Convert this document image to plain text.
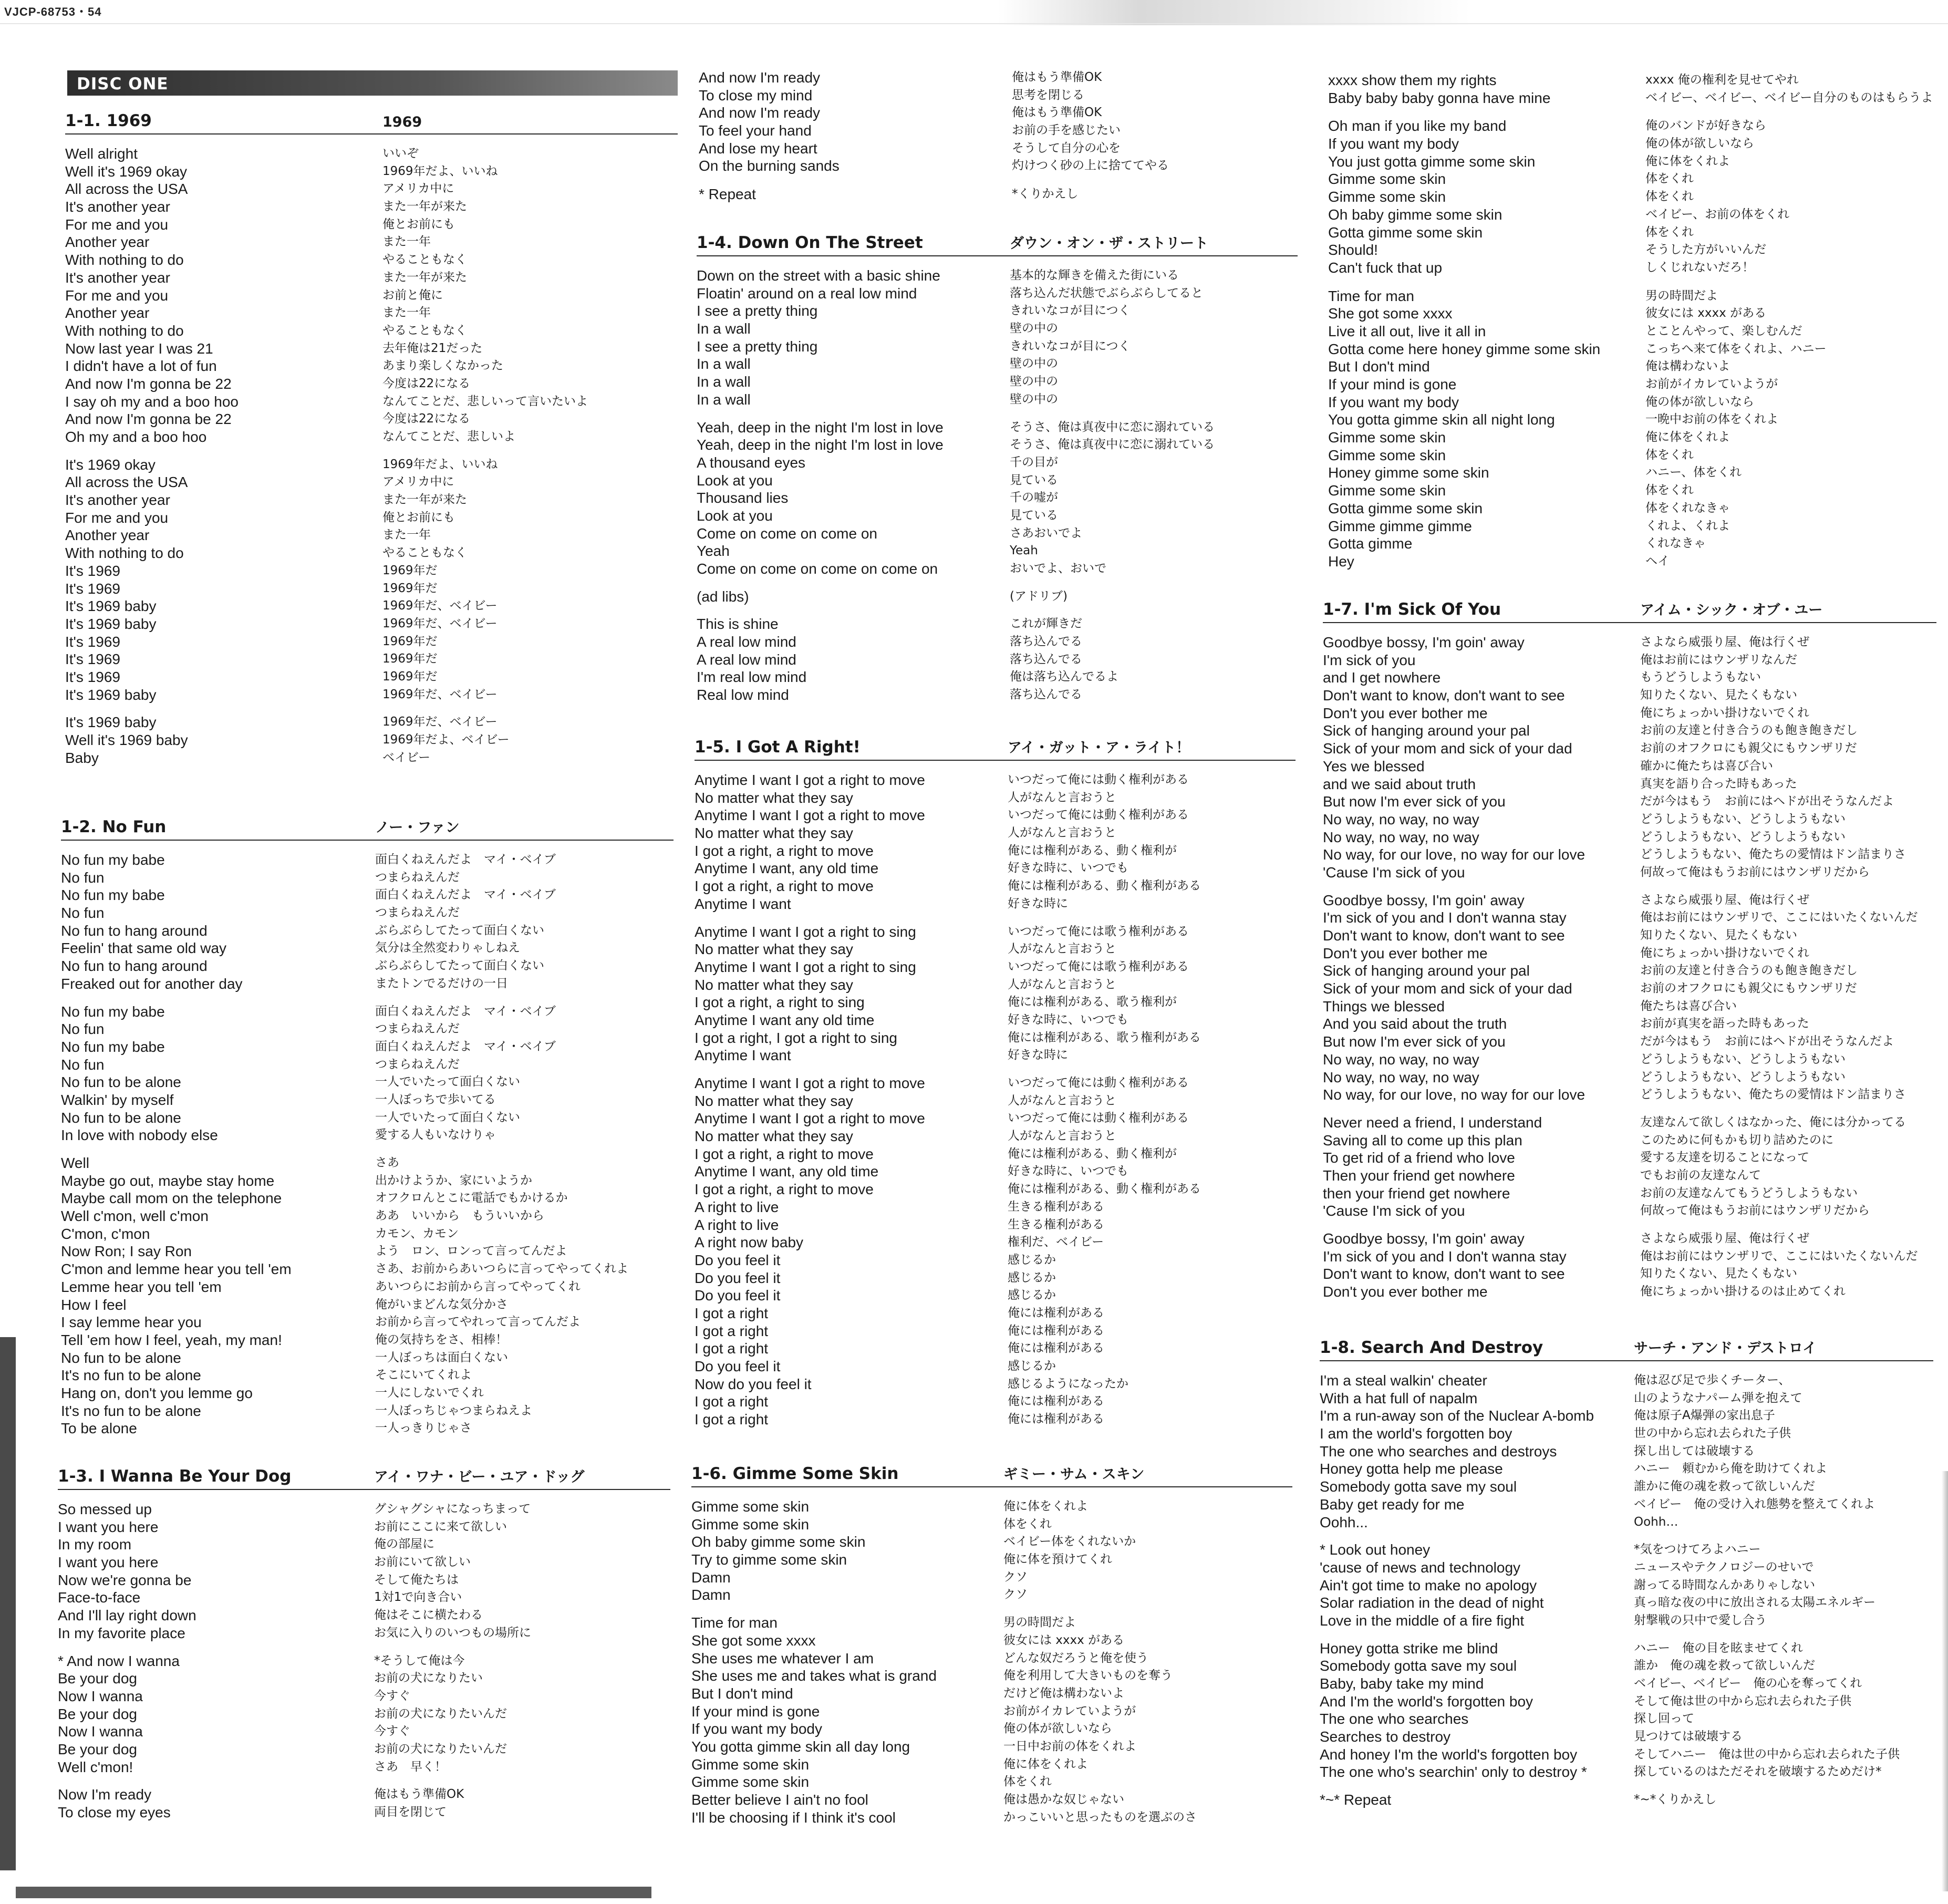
VJCP-68753・54
DISC ONE
1-1. 1969	1969
Well alright	いいぞ
Well it's 1969 okay	1969年だよ、いいね
All across the USA	アメリカ中に
It's another year	また一年が来た
For me and you	俺とお前にも
Another year	また一年
With nothing to do	やることもなく
It's another year	また一年が来た
For me and you	お前と俺に
Another year	また一年
With nothing to do	やることもなく
Now last year I was 21	去年俺は21だった
I didn't have a lot of fun	あまり楽しくなかった
And now I'm gonna be 22	今度は22になる
I say oh my and a boo hoo	なんてことだ、悲しいって言いたいよ
And now I'm gonna be 22	今度は22になる
Oh my and a boo hoo	なんてことだ、悲しいよ
It's 1969 okay	1969年だよ、いいね
All across the USA	アメリカ中に
It's another year	また一年が来た
For me and you	俺とお前にも
Another year	また一年
With nothing to do	やることもなく
It's 1969	1969年だ
It's 1969	1969年だ
It's 1969 baby	1969年だ、ベイビー
It's 1969 baby	1969年だ、ベイビー
It's 1969	1969年だ
It's 1969	1969年だ
It's 1969	1969年だ
It's 1969 baby	1969年だ、ベイビー
It's 1969 baby	1969年だ、ベイビー
Well it's 1969 baby	1969年だよ、ベイビー
Baby	ベイビー
1-2. No Fun	ノー・ファン
No fun my babe	面白くねえんだよ　マイ・ベイブ
No fun	つまらねえんだ
No fun my babe	面白くねえんだよ　マイ・ベイブ
No fun	つまらねえんだ
No fun to hang around	ぶらぶらしてたって面白くない
Feelin' that same old way	気分は全然変わりゃしねえ
No fun to hang around	ぶらぶらしてたって面白くない
Freaked out for another day	またトンでるだけの一日
No fun my babe	面白くねえんだよ　マイ・ベイブ
No fun	つまらねえんだ
No fun my babe	面白くねえんだよ　マイ・ベイブ
No fun	つまらねえんだ
No fun to be alone	一人でいたって面白くない
Walkin' by myself	一人ぼっちで歩いてる
No fun to be alone	一人でいたって面白くない
In love with nobody else	愛する人もいなけりゃ
Well	さあ
Maybe go out, maybe stay home	出かけようか、家にいようか
Maybe call mom on the telephone	オフクロんとこに電話でもかけるか
Well c'mon, well c'mon	ああ　いいから　もういいから
C'mon, c'mon	カモン、カモン
Now Ron; I say Ron	よう　ロン、ロンって言ってんだよ
C'mon and lemme hear you tell 'em	さあ、お前からあいつらに言ってやってくれよ
Lemme hear you tell 'em	あいつらにお前から言ってやってくれ
How I feel	俺がいまどんな気分かさ
I say lemme hear you	お前から言ってやれって言ってんだよ
Tell 'em how I feel, yeah, my man!	俺の気持ちをさ、相棒！
No fun to be alone	一人ぼっちは面白くない
It's no fun to be alone	そこにいてくれよ
Hang on, don't you lemme go	一人にしないでくれ
It's no fun to be alone	一人ぼっちじゃつまらねえよ
To be alone	一人っきりじゃさ
1-3. I Wanna Be Your Dog	アイ・ワナ・ビー・ユア・ドッグ
So messed up	グシャグシャになっちまって
I want you here	お前にここに来て欲しい
In my room	俺の部屋に
I want you here	お前にいて欲しい
Now we're gonna be	そして俺たちは
Face-to-face	1対1で向き合い
And I'll lay right down	俺はそこに横たわる
In my favorite place	お気に入りのいつもの場所に
* And now I wanna	*そうして俺は今
Be your dog	お前の犬になりたい
Now I wanna	今すぐ
Be your dog	お前の犬になりたいんだ
Now I wanna	今すぐ
Be your dog	お前の犬になりたいんだ
Well c'mon!	さあ　早く！
Now I'm ready	俺はもう準備OK
To close my eyes	両目を閉じて
And now I'm ready	俺はもう準備OK
To close my mind	思考を閉じる
And now I'm ready	俺はもう準備OK
To feel your hand	お前の手を感じたい
And lose my heart	そうして自分の心を
On the burning sands	灼けつく砂の上に捨ててやる
* Repeat	*くりかえし
1-4. Down On The Street	ダウン・オン・ザ・ストリート
Down on the street with a basic shine	基本的な輝きを備えた街にいる
Floatin' around on a real low mind	落ち込んだ状態でぶらぶらしてると
I see a pretty thing	きれいなコが目につく
In a wall	壁の中の
I see a pretty thing	きれいなコが目につく
In a wall	壁の中の
In a wall	壁の中の
In a wall	壁の中の
Yeah, deep in the night I'm lost in love	そうさ、俺は真夜中に恋に溺れている
Yeah, deep in the night I'm lost in love	そうさ、俺は真夜中に恋に溺れている
A thousand eyes	千の目が
Look at you	見ている
Thousand lies	千の嘘が
Look at you	見ている
Come on come on come on	さあおいでよ
Yeah	Yeah
Come on come on come on come on	おいでよ、おいで
(ad libs)	(アドリブ)
This is shine	これが輝きだ
A real low mind	落ち込んでる
A real low mind	落ち込んでる
I'm real low mind	俺は落ち込んでるよ
Real low mind	落ち込んでる
1-5. I Got A Right!	アイ・ガット・ア・ライト！
Anytime I want I got a right to move	いつだって俺には動く権利がある
No matter what they say	人がなんと言おうと
Anytime I want I got a right to move	いつだって俺には動く権利がある
No matter what they say	人がなんと言おうと
I got a right, a right to move	俺には権利がある、動く権利が
Anytime I want, any old time	好きな時に、いつでも
I got a right, a right to move	俺には権利がある、動く権利がある
Anytime I want	好きな時に
Anytime I want I got a right to sing	いつだって俺には歌う権利がある
No matter what they say	人がなんと言おうと
Anytime I want I got a right to sing	いつだって俺には歌う権利がある
No matter what they say	人がなんと言おうと
I got a right, a right to sing	俺には権利がある、歌う権利が
Anytime I want any old time	好きな時に、いつでも
I got a right, I got a right to sing	俺には権利がある、歌う権利がある
Anytime I want	好きな時に
Anytime I want I got a right to move	いつだって俺には動く権利がある
No matter what they say	人がなんと言おうと
Anytime I want I got a right to move	いつだって俺には動く権利がある
No matter what they say	人がなんと言おうと
I got a right, a right to move	俺には権利がある、動く権利が
Anytime I want, any old time	好きな時に、いつでも
I got a right, a right to move	俺には権利がある、動く権利がある
A right to live	生きる権利がある
A right to live	生きる権利がある
A right now baby	権利だ、ベイビー
Do you feel it	感じるか
Do you feel it	感じるか
Do you feel it	感じるか
I got a right	俺には権利がある
I got a right	俺には権利がある
I got a right	俺には権利がある
Do you feel it	感じるか
Now do you feel it	感じるようになったか
I got a right	俺には権利がある
I got a right	俺には権利がある
1-6. Gimme Some Skin	ギミー・サム・スキン
Gimme some skin	俺に体をくれよ
Gimme some skin	体をくれ
Oh baby gimme some skin	ベイビー体をくれないか
Try to gimme some skin	俺に体を預けてくれ
Damn	クソ
Damn	クソ
Time for man	男の時間だよ
She got some xxxx	彼女には xxxx がある
She uses me whatever I am	どんな奴だろうと俺を使う
She uses me and takes what is grand	俺を利用して大きいものを奪う
But I don't mind	だけど俺は構わないよ
If your mind is gone	お前がイカレていようが
If you want my body	俺の体が欲しいなら
You gotta gimme skin all day long	一日中お前の体をくれよ
Gimme some skin	俺に体をくれよ
Gimme some skin	体をくれ
Better believe I ain't no fool	俺は愚かな奴じゃない
I'll be choosing if I think it's cool	かっこいいと思ったものを選ぶのさ
xxxx show them my rights	xxxx 俺の権利を見せてやれ
Baby baby baby gonna have mine	ベイビー、ベイビー、ベイビー自分のものはもらうよ
Oh man if you like my band	俺のバンドが好きなら
If you want my body	俺の体が欲しいなら
You just gotta gimme some skin	俺に体をくれよ
Gimme some skin	体をくれ
Gimme some skin	体をくれ
Oh baby gimme some skin	ベイビー、お前の体をくれ
Gotta gimme some skin	体をくれ
Should!	そうした方がいいんだ
Can't fuck that up	しくじれないだろ！
Time for man	男の時間だよ
She got some xxxx	彼女には xxxx がある
Live it all out, live it all in	とことんやって、楽しむんだ
Gotta come here honey gimme some skin	こっちへ来て体をくれよ、ハニー
But I don't mind	俺は構わないよ
If your mind is gone	お前がイカレていようが
If you want my body	俺の体が欲しいなら
You gotta gimme skin all night long	一晩中お前の体をくれよ
Gimme some skin	俺に体をくれよ
Gimme some skin	体をくれ
Honey gimme some skin	ハニー、体をくれ
Gimme some skin	体をくれ
Gotta gimme some skin	体をくれなきゃ
Gimme gimme gimme	くれよ、くれよ
Gotta gimme	くれなきゃ
Hey	ヘイ
1-7. I'm Sick Of You	アイム・シック・オブ・ユー
Goodbye bossy, I'm goin' away	さよなら威張り屋、俺は行くぜ
I'm sick of you	俺はお前にはウンザリなんだ
and I get nowhere	もうどうしようもない
Don't want to know, don't want to see	知りたくない、見たくもない
Don't you ever bother me	俺にちょっかい掛けないでくれ
Sick of hanging around your pal	お前の友達と付き合うのも飽き飽きだし
Sick of your mom and sick of your dad	お前のオフクロにも親父にもウンザリだ
Yes we blessed	確かに俺たちは喜び合い
and we said about truth	真実を語り合った時もあった
But now I'm ever sick of you	だが今はもう　お前にはヘドが出そうなんだよ
No way, no way, no way	どうしようもない、どうしようもない
No way, no way, no way	どうしようもない、どうしようもない
No way, for our love, no way for our love	どうしようもない、俺たちの愛情はドン詰まりさ
'Cause I'm sick of you	何故って俺はもうお前にはウンザリだから
Goodbye bossy, I'm goin' away	さよなら威張り屋、俺は行くぜ
I'm sick of you and I don't wanna stay	俺はお前にはウンザリで、ここにはいたくないんだ
Don't want to know, don't want to see	知りたくない、見たくもない
Don't you ever bother me	俺にちょっかい掛けないでくれ
Sick of hanging around your pal	お前の友達と付き合うのも飽き飽きだし
Sick of your mom and sick of your dad	お前のオフクロにも親父にもウンザリだ
Things we blessed	俺たちは喜び合い
And you said about the truth	お前が真実を語った時もあった
But now I'm ever sick of you	だが今はもう　お前にはヘドが出そうなんだよ
No way, no way, no way	どうしようもない、どうしようもない
No way, no way, no way	どうしようもない、どうしようもない
No way, for our love, no way for our love	どうしようもない、俺たちの愛情はドン詰まりさ
Never need a friend, I understand	友達なんて欲しくはなかった、俺には分かってる
Saving all to come up this plan	このために何もかも切り詰めたのに
To get rid of a friend who love	愛する友達を切ることになって
Then your friend get nowhere	でもお前の友達なんて
then your friend get nowhere	お前の友達なんてもうどうしようもない
'Cause I'm sick of you	何故って俺はもうお前にはウンザリだから
Goodbye bossy, I'm goin' away	さよなら威張り屋、俺は行くぜ
I'm sick of you and I don't wanna stay	俺はお前にはウンザリで、ここにはいたくないんだ
Don't want to know, don't want to see	知りたくない、見たくもない
Don't you ever bother me	俺にちょっかい掛けるのは止めてくれ
1-8. Search And Destroy	サーチ・アンド・デストロイ
I'm a steal walkin' cheater	俺は忍び足で歩くチーター、
With a hat full of napalm	山のようなナパーム弾を抱えて
I'm a run-away son of the Nuclear A-bomb	俺は原子A爆弾の家出息子
I am the world's forgotten boy	世の中から忘れ去られた子供
The one who searches and destroys	探し出しては破壊する
Honey gotta help me please	ハニー　頼むから俺を助けてくれよ
Somebody gotta save my soul	誰かに俺の魂を救って欲しいんだ
Baby get ready for me	ベイビー　俺の受け入れ態勢を整えてくれよ
Oohh...	Oohh…
* Look out honey	*気をつけてろよハニー
'cause of news and technology	ニュースやテクノロジーのせいで
Ain't got time to make no apology	謝ってる時間なんかありゃしない
Solar radiation in the dead of night	真っ暗な夜の中に放出される太陽エネルギー
Love in the middle of a fire fight	射撃戦の只中で愛し合う
Honey gotta strike me blind	ハニー　俺の目を眩ませてくれ
Somebody gotta save my soul	誰か　俺の魂を救って欲しいんだ
Baby, baby take my mind	ベイビー、ベイビー　俺の心を奪ってくれ
And I'm the world's forgotten boy	そして俺は世の中から忘れ去られた子供
The one who searches	探し回って
Searches to destroy	見つけては破壊する
And honey I'm the world's forgotten boy	そしてハニー　俺は世の中から忘れ去られた子供
The one who's searchin' only to destroy *	探しているのはただそれを破壊するためだけ*
*~* Repeat	*~*くりかえし
